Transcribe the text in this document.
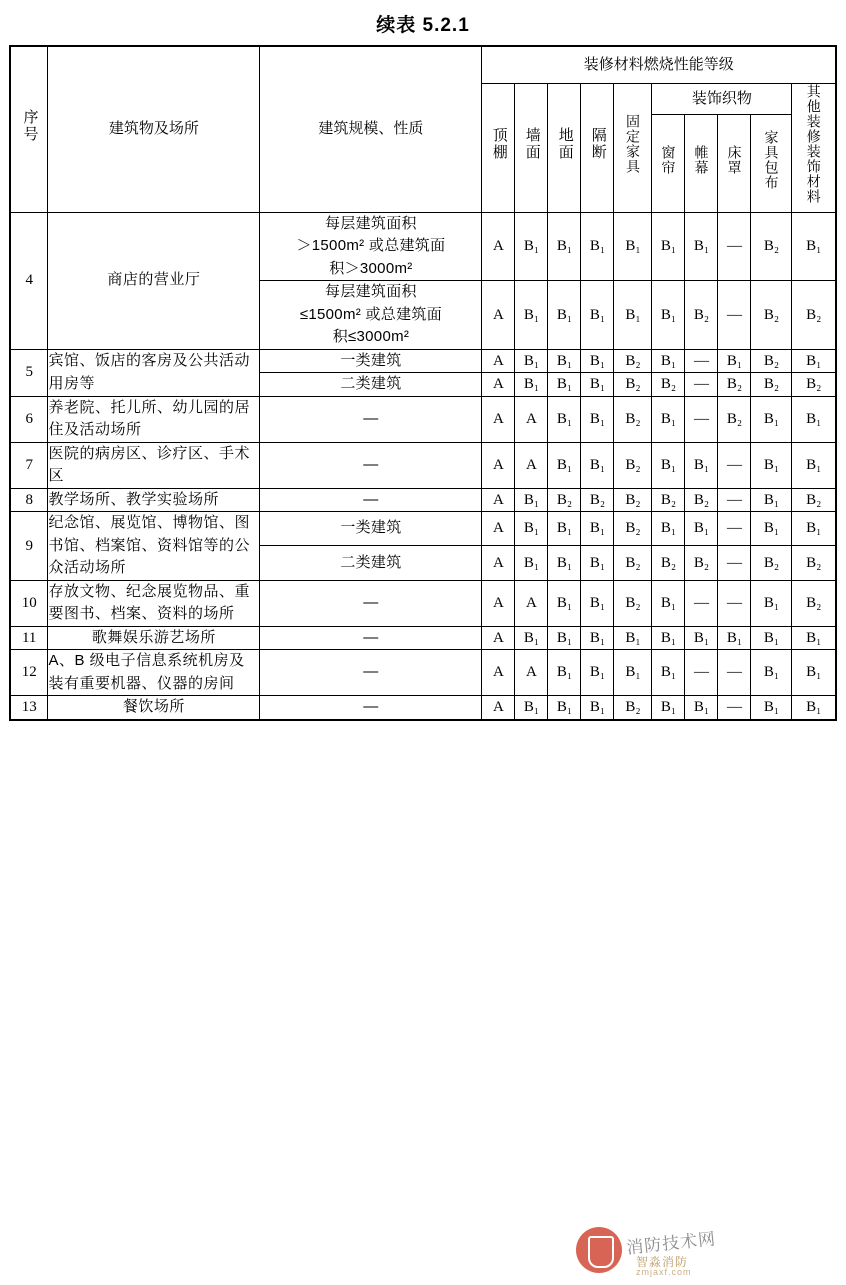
续表 5.2.1
序号	建筑物及场所	建筑规模、性质	装修材料燃烧性能等级									
			顶棚	墙面	地面	隔断	固定家具	装饰织物				其他装修装饰材料
								窗帘	帷幕	床罩	家具包布	
4	商店的营业厅	每层建筑面积
＞1500m² 或总建筑面
积＞3000m²	A	B₁	B₁	B₁	B₁	B₁	B₁	—	B₂	B₁

		每层建筑面积
≤1500m² 或总建筑面
积≤3000m²	A	B₁	B₁	B₁	B₁	B₁	B₂	—	B₂	B₂
5	宾馆、饭店的客房及公共活动用房等	一类建筑	A	B₁	B₁	B₁	B₂	B₁	—	B₁	B₂	B₁

		二类建筑	A	B₁	B₁	B₁	B₂	B₂	—	B₂	B₂	B₂
6	养老院、托儿所、幼儿园的居住及活动场所	—	A	A	B₁	B₁	B₂	B₁	—	B₂	B₁	B₁
7	医院的病房区、诊疗区、手术区	—	A	A	B₁	B₁	B₂	B₁	B₁	—	B₁	B₁
8	教学场所、教学实验场所	—	A	B₁	B₂	B₂	B₂	B₂	B₂	—	B₁	B₂
9	纪念馆、展览馆、博物馆、图书馆、档案馆、资料馆等的公众活动场所	一类建筑	A	B₁	B₁	B₁	B₂	B₁	B₁	—	B₁	B₁

		二类建筑	A	B₁	B₁	B₁	B₂	B₂	B₂	—	B₂	B₂
10	存放文物、纪念展览物品、重要图书、档案、资料的场所	—	A	A	B₁	B₁	B₂	B₁	—	—	B₁	B₂
11	歌舞娱乐游艺场所	—	A	B₁	B₁	B₁	B₁	B₁	B₁	B₁	B₁	B₁
12	A、B 级电子信息系统机房及装有重要机器、仪器的房间	—	A	A	B₁	B₁	B₁	B₁	—	—	B₁	B₁
13	餐饮场所	—	A	B₁	B₁	B₁	B₂	B₁	B₁	—	B₁	B₁
消防技术网
智淼消防
zmjaxf.com
